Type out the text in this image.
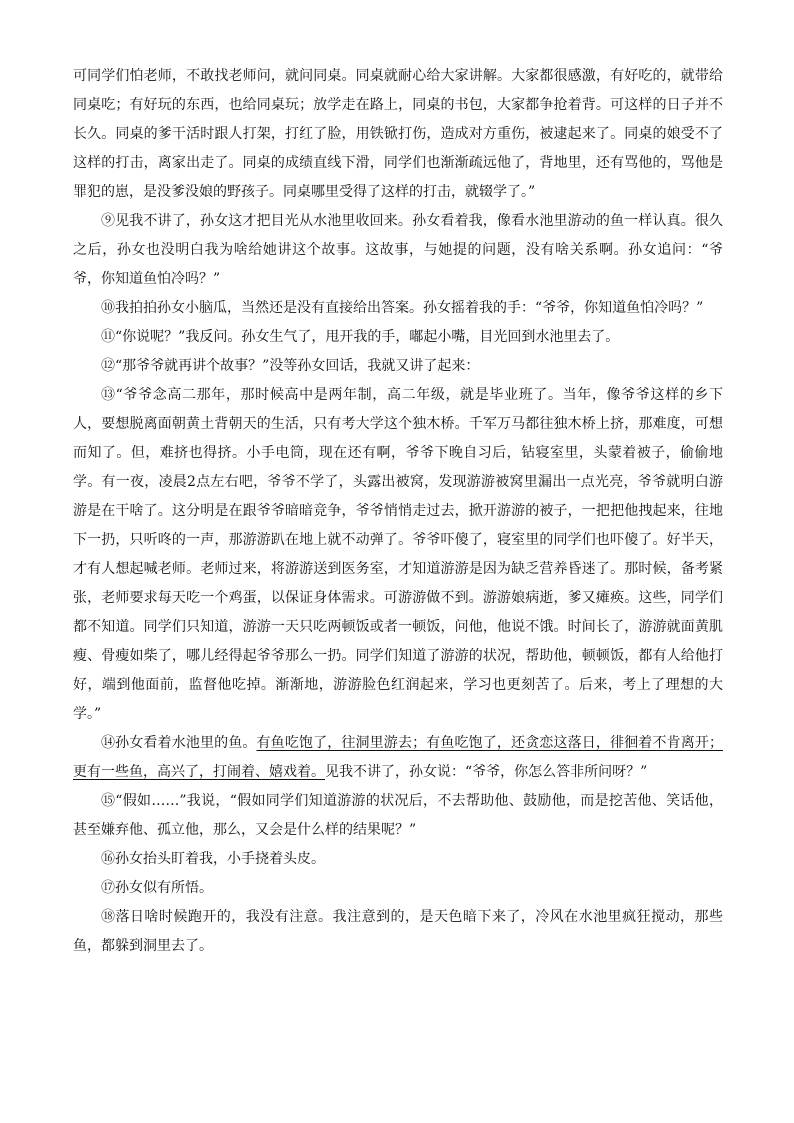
可同学们怕老师，不敢找老师问，就问同桌。同桌就耐心给大家讲解。大家都很感激，有好吃的，就带给同桌吃；有好玩的东西，也给同桌玩；放学走在路上，同桌的书包，大家都争抢着背。可这样的日子并不长久。同桌的爹干活时跟人打架，打红了脸，用铁锨打伤，造成对方重伤，被逮起来了。同桌的娘受不了这样的打击，离家出走了。同桌的成绩直线下滑，同学们也渐渐疏远他了，背地里，还有骂他的，骂他是罪犯的崽，是没爹没娘的野孩子。同桌哪里受得了这样的打击，就辍学了。”

⑨见我不讲了，孙女这才把目光从水池里收回来。孙女看着我，像看水池里游动的鱼一样认真。很久之后，孙女也没明白我为啥给她讲这个故事。这故事，与她提的问题，没有啥关系啊。孙女追问：“爷爷，你知道鱼怕冷吗？”

⑩我拍拍孙女小脑瓜，当然还是没有直接给出答案。孙女摇着我的手：“爷爷，你知道鱼怕冷吗？”

⑪“你说呢？”我反问。孙女生气了，甩开我的手，嘟起小嘴，目光回到水池里去了。

⑫“那爷爷就再讲个故事？”没等孙女回话，我就又讲了起来：

⑬“爷爷念高二那年，那时候高中是两年制，高二年级，就是毕业班了。当年，像爷爷这样的乡下人，要想脱离面朝黄土背朝天的生活，只有考大学这个独木桥。千军万马都往独木桥上挤，那难度，可想而知了。但，难挤也得挤。小手电筒，现在还有啊，爷爷下晚自习后，钻寝室里，头蒙着被子，偷偷地学。有一夜，凌晨2点左右吧，爷爷不学了，头露出被窝，发现游游被窝里漏出一点光亮，爷爷就明白游游是在干啥了。这分明是在跟爷爷暗暗竞争，爷爷悄悄走过去，掀开游游的被子，一把把他拽起来，往地下一扔，只听咚的一声，那游游趴在地上就不动弹了。爷爷吓傻了，寝室里的同学们也吓傻了。好半天，才有人想起喊老师。老师过来，将游游送到医务室，才知道游游是因为缺乏营养昏迷了。那时候，备考紧张，老师要求每天吃一个鸡蛋，以保证身体需求。可游游做不到。游游娘病逝，爹又瘫痪。这些，同学们都不知道。同学们只知道，游游一天只吃两顿饭或者一顿饭，问他，他说不饿。时间长了，游游就面黄肌瘦、骨瘦如柴了，哪儿经得起爷爷那么一扔。同学们知道了游游的状况，帮助他，顿顿饭，都有人给他打好，端到他面前，监督他吃掉。渐渐地，游游脸色红润起来，学习也更刻苦了。后来，考上了理想的大学。”

⑭孙女看着水池里的鱼。有鱼吃饱了，往洞里游去；有鱼吃饱了，还贪恋这落日，徘徊着不肯离开；更有一些鱼，高兴了，打闹着、嬉戏着。见我不讲了，孙女说：“爷爷，你怎么答非所问呀？”

⑮“假如……”我说，“假如同学们知道游游的状况后，不去帮助他、鼓励他，而是挖苦他、笑话他，甚至嫌弃他、孤立他，那么，又会是什么样的结果呢？”

⑯孙女抬头盯着我，小手挠着头皮。

⑰孙女似有所悟。

⑱落日啥时候跑开的，我没有注意。我注意到的，是天色暗下来了，冷风在水池里疯狂搅动，那些鱼，都躲到洞里去了。
